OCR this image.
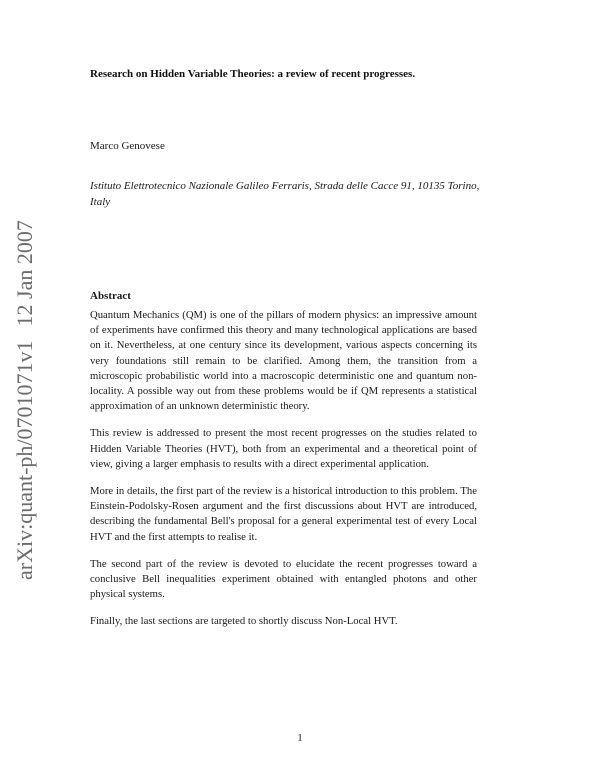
arXiv:quant-ph/0701071v112 Jan 2007
Research on Hidden Variable Theories: a review of recent progresses.
Marco Genovese
Istituto Elettrotecnico Nazionale Galileo Ferraris, Strada delle Cacce 91, 10135 Torino, Italy
Abstract

Quantum Mechanics (QM) is one of the pillars of modern physics: an impressive amount of experiments have confirmed this theory and many technological applications are based on it. Nevertheless, at one century since its development, various aspects concerning its very foundations still remain to be clarified. Among them, the transition from a microscopic probabilistic world into a macroscopic deterministic one and quantum non-locality. A possible way out from these problems would be if QM represents a statistical approximation of an unknown deterministic theory.

This review is addressed to present the most recent progresses on the studies related to Hidden Variable Theories (HVT), both from an experimental and a theoretical point of view, giving a larger emphasis to results with a direct experimental application.

More in details, the first part of the review is a historical introduction to this problem. The Einstein-Podolsky-Rosen argument and the first discussions about HVT are introduced, describing the fundamental Bell's proposal for a general experimental test of every Local HVT and the first attempts to realise it.

The second part of the review is devoted to elucidate the recent progresses toward a conclusive Bell inequalities experiment obtained with entangled photons and other physical systems.

Finally, the last sections are targeted to shortly discuss Non-Local HVT.

1
